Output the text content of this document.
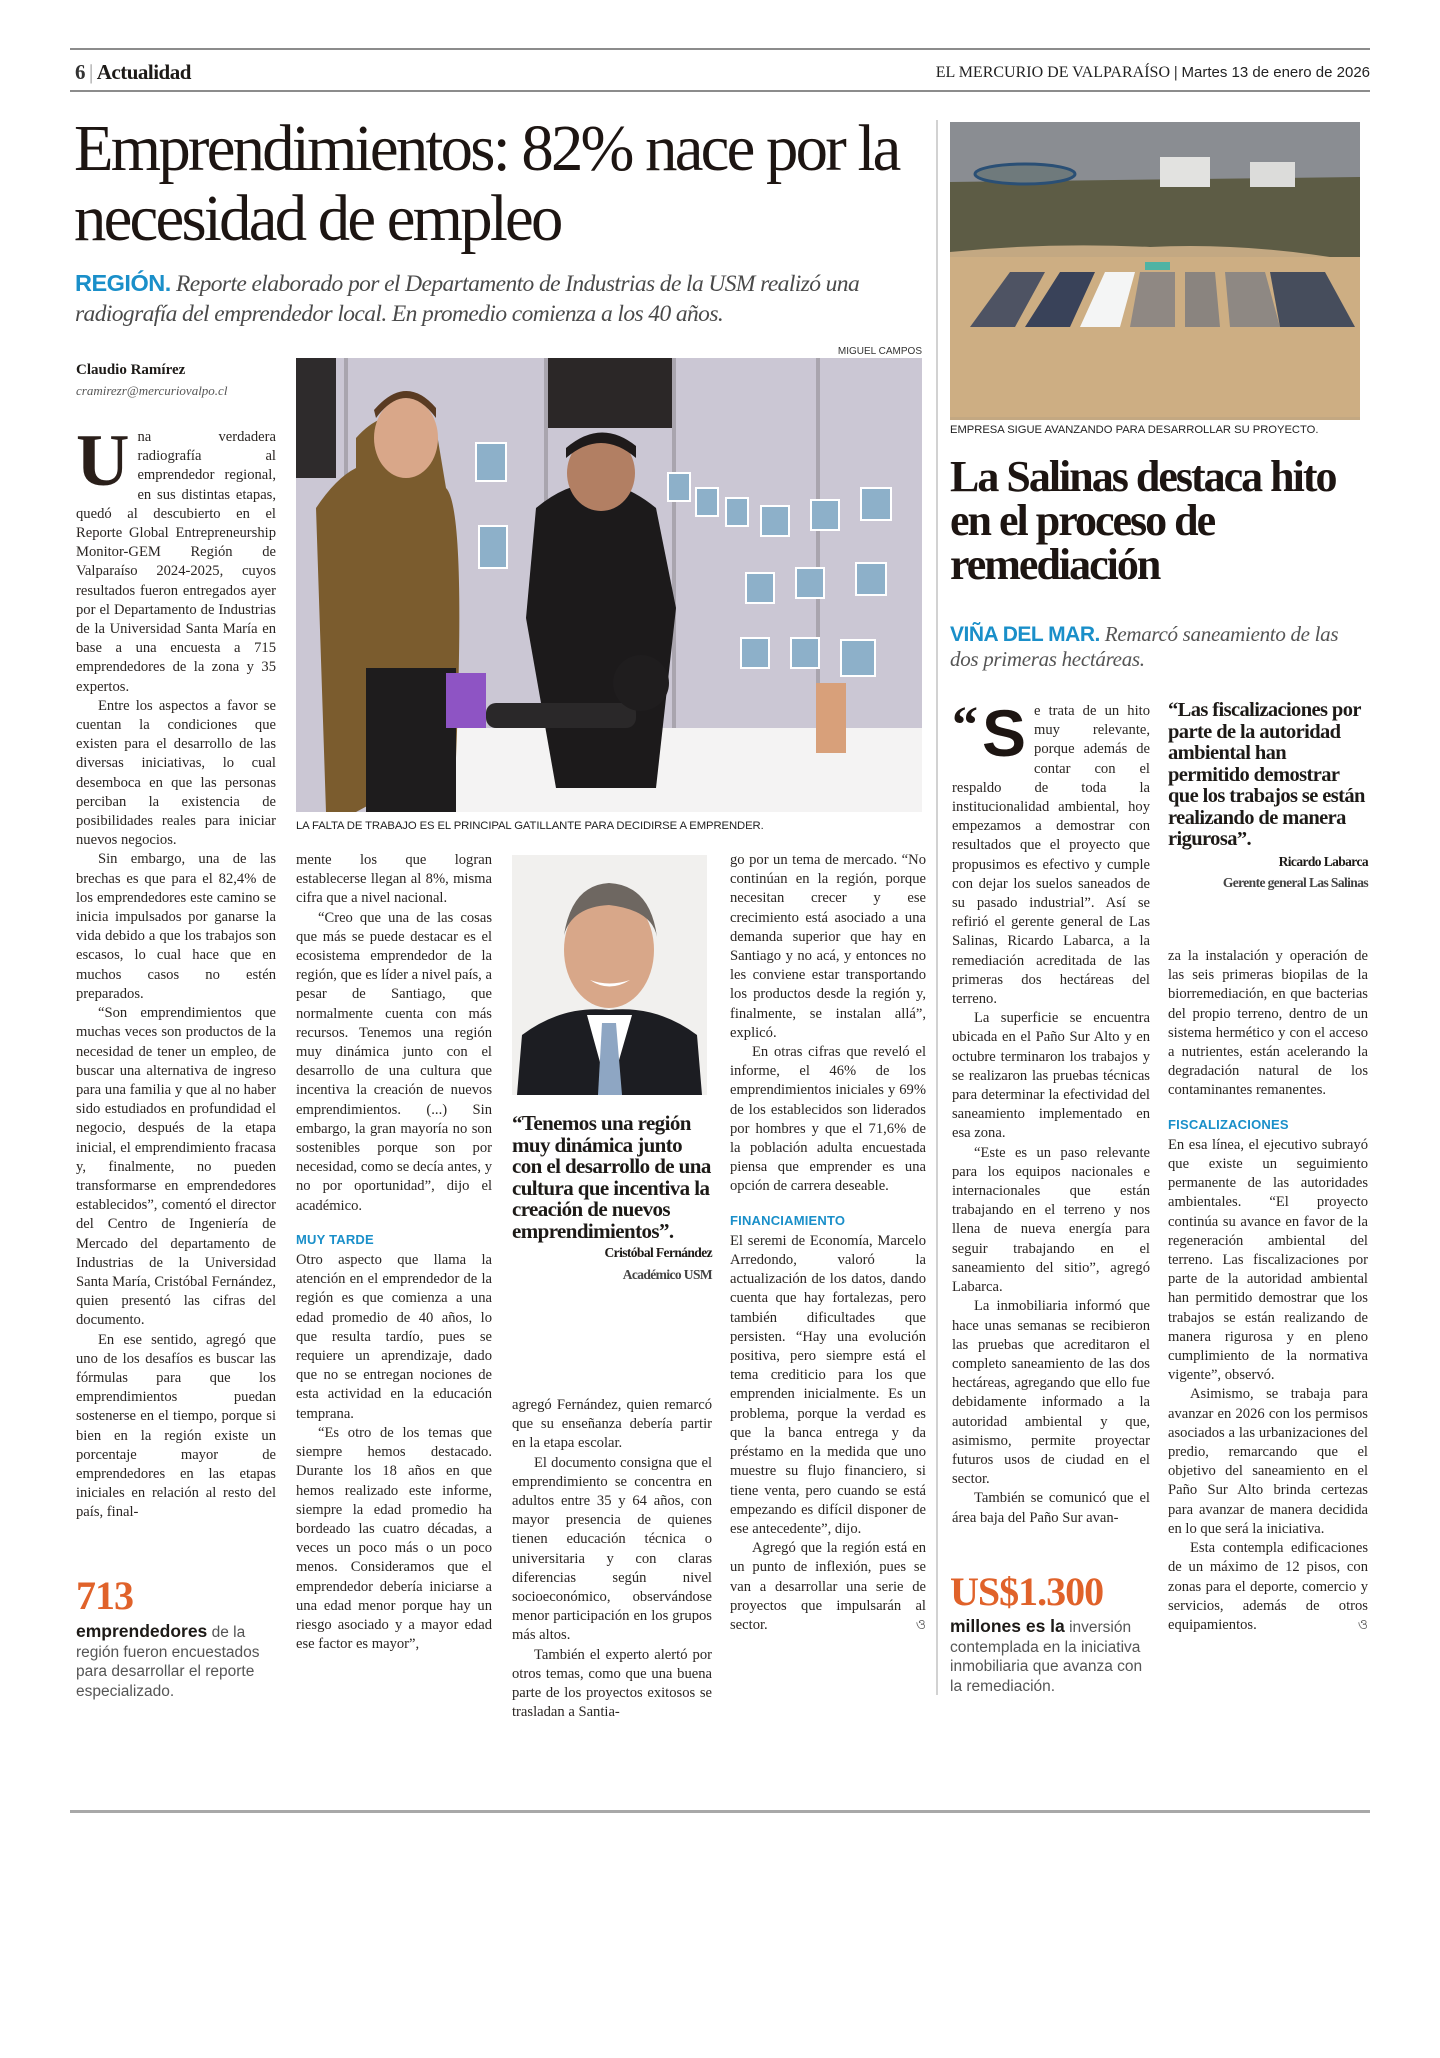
6 | Actualidad	EL MERCURIO DE VALPARAÍSO | Martes 13 de enero de 2026
Emprendimientos: 82% nace por la necesidad de empleo
REGIÓN. Reporte elaborado por el Departamento de Industrias de la USM realizó una radiografía del emprendedor local. En promedio comienza a los 40 años.
Claudio Ramírez
cramirezr@mercuriovalpo.cl
U na verdadera radiografía al emprendedor regional, en sus distintas etapas, quedó al descubierto en el Reporte Global Entrepreneurship Monitor-GEM Región de Valparaíso 2024-2025, cuyos resultados fueron entregados ayer por el Departamento de Industrias de la Universidad Santa María en base a una encuesta a 715 emprendedores de la zona y 35 expertos.

Entre los aspectos a favor se cuentan la condiciones que existen para el desarrollo de las diversas iniciativas, lo cual desemboca en que las personas perciban la existencia de posibilidades reales para iniciar nuevos negocios.

Sin embargo, una de las brechas es que para el 82,4% de los emprendedores este camino se inicia impulsados por ganarse la vida debido a que los trabajos son escasos, lo cual hace que en muchos casos no estén preparados.

“Son emprendimientos que muchas veces son productos de la necesidad de tener un empleo, de buscar una alternativa de ingreso para una familia y que al no haber sido estudiados en profundidad el negocio, después de la etapa inicial, el emprendimiento fracasa y, finalmente, no pueden transformarse en emprendedores establecidos”, comentó el director del Centro de Ingeniería de Mercado del departamento de Industrias de la Universidad Santa María, Cristóbal Fernández, quien presentó las cifras del documento.

En ese sentido, agregó que uno de los desafíos es buscar las fórmulas para que los emprendimientos puedan sostenerse en el tiempo, porque si bien en la región existe un porcentaje mayor de emprendedores en las etapas iniciales en relación al resto del país, final-

713
emprendedores de la región fueron encuestados para desarrollar el reporte especializado.
MIGUEL CAMPOS
LA FALTA DE TRABAJO ES EL PRINCIPAL GATILLANTE PARA DECIDIRSE A EMPRENDER.

mente los que logran establecerse llegan al 8%, misma cifra que a nivel nacional.

“Creo que una de las cosas que más se puede destacar es el ecosistema emprendedor de la región, que es líder a nivel país, a pesar de Santiago, que normalmente cuenta con más recursos. Tenemos una región muy dinámica junto con el desarrollo de una cultura que incentiva la creación de nuevos emprendimientos. (...) Sin embargo, la gran mayoría no son sostenibles porque son por necesidad, como se decía antes, y no por oportunidad”, dijo el académico.

MUY TARDE

Otro aspecto que llama la atención en el emprendedor de la región es que comienza a una edad promedio de 40 años, lo que resulta tardío, pues se requiere un aprendizaje, dado que no se entregan nociones de esta actividad en la educación temprana.

“Es otro de los temas que siempre hemos destacado. Durante los 18 años en que hemos realizado este informe, siempre la edad promedio ha bordeado las cuatro décadas, a veces un poco más o un poco menos. Consideramos que el emprendedor debería iniciarse a una edad menor porque hay un riesgo asociado y a mayor edad ese factor es mayor”,

“Tenemos una región muy dinámica junto con el desarrollo de una cultura que incentiva la creación de nuevos emprendimientos”.
Cristóbal Fernández
Académico USM

agregó Fernández, quien remarcó que su enseñanza debería partir en la etapa escolar.

El documento consigna que el emprendimiento se concentra en adultos entre 35 y 64 años, con mayor presencia de quienes tienen educación técnica o universitaria y con claras diferencias según nivel socioeconómico, observándose menor participación en los grupos más altos.

También el experto alertó por otros temas, como que una buena parte de los proyectos exitosos se trasladan a Santia-

go por un tema de mercado. “No continúan en la región, porque necesitan crecer y ese crecimiento está asociado a una demanda superior que hay en Santiago y no acá, y entonces no les conviene estar transportando los productos desde la región y, finalmente, se instalan allá”, explicó.

En otras cifras que reveló el informe, el 46% de los emprendimientos iniciales y 69% de los establecidos son liderados por hombres y que el 71,6% de la población adulta encuestada piensa que emprender es una opción de carrera deseable.

FINANCIAMIENTO

El seremi de Economía, Marcelo Arredondo, valoró la actualización de los datos, dando cuenta que hay fortalezas, pero también dificultades que persisten. “Hay una evolución positiva, pero siempre está el tema crediticio para los que emprenden inicialmente. Es un problema, porque la verdad es que la banca entrega y da préstamo en la medida que uno muestre su flujo financiero, si tiene venta, pero cuando se está empezando es difícil disponer de ese antecedente”, dijo.

Agregó que la región está en un punto de inflexión, pues se van a desarrollar una serie de proyectos que impulsarán al sector.	ও

EMPRESA SIGUE AVANZANDO PARA DESARROLLAR SU PROYECTO.
La Salinas destaca hito en el proceso de remediación
VIÑA DEL MAR. Remarcó saneamiento de las dos primeras hectáreas.
“ S e trata de un hito muy relevante, porque además de contar con el respaldo de toda la institucionalidad ambiental, hoy empezamos a demostrar con resultados que el proyecto que propusimos es efectivo y cumple con dejar los suelos saneados de su pasado industrial”. Así se refirió el gerente general de Las Salinas, Ricardo Labarca, a la remediación acreditada de las primeras dos hectáreas del terreno.

La superficie se encuentra ubicada en el Paño Sur Alto y en octubre terminaron los trabajos y se realizaron las pruebas técnicas para determinar la efectividad del saneamiento implementado en esa zona.

“Este es un paso relevante para los equipos nacionales e internacionales que están trabajando en el terreno y nos llena de nueva energía para seguir trabajando en el saneamiento del sitio”, agregó Labarca.

La inmobiliaria informó que hace unas semanas se recibieron las pruebas que acreditaron el completo saneamiento de las dos hectáreas, agregando que ello fue debidamente informado a la autoridad ambiental y que, asimismo, permite proyectar futuros usos de ciudad en el sector.

También se comunicó que el área baja del Paño Sur avan-

US$1.300
millones es la inversión contemplada en la iniciativa inmobiliaria que avanza con la remediación.
“Las fiscalizaciones por parte de la autoridad ambiental han permitido demostrar que los trabajos se están realizando de manera rigurosa”.
Ricardo Labarca
Gerente general Las Salinas

za la instalación y operación de las seis primeras biopilas de la biorremediación, en que bacterias del propio terreno, dentro de un sistema hermético y con el acceso a nutrientes, están acelerando la degradación natural de los contaminantes remanentes.

FISCALIZACIONES

En esa línea, el ejecutivo subrayó que existe un seguimiento permanente de las autoridades ambientales. “El proyecto continúa su avance en favor de la regeneración ambiental del terreno. Las fiscalizaciones por parte de la autoridad ambiental han permitido demostrar que los trabajos se están realizando de manera rigurosa y en pleno cumplimiento de la normativa vigente”, observó.

Asimismo, se trabaja para avanzar en 2026 con los permisos asociados a las urbanizaciones del predio, remarcando que el objetivo del saneamiento en el Paño Sur Alto brinda certezas para avanzar de manera decidida en lo que será la iniciativa.

Esta contempla edificaciones de un máximo de 12 pisos, con zonas para el deporte, comercio y servicios, además de otros equipamientos.	ও
